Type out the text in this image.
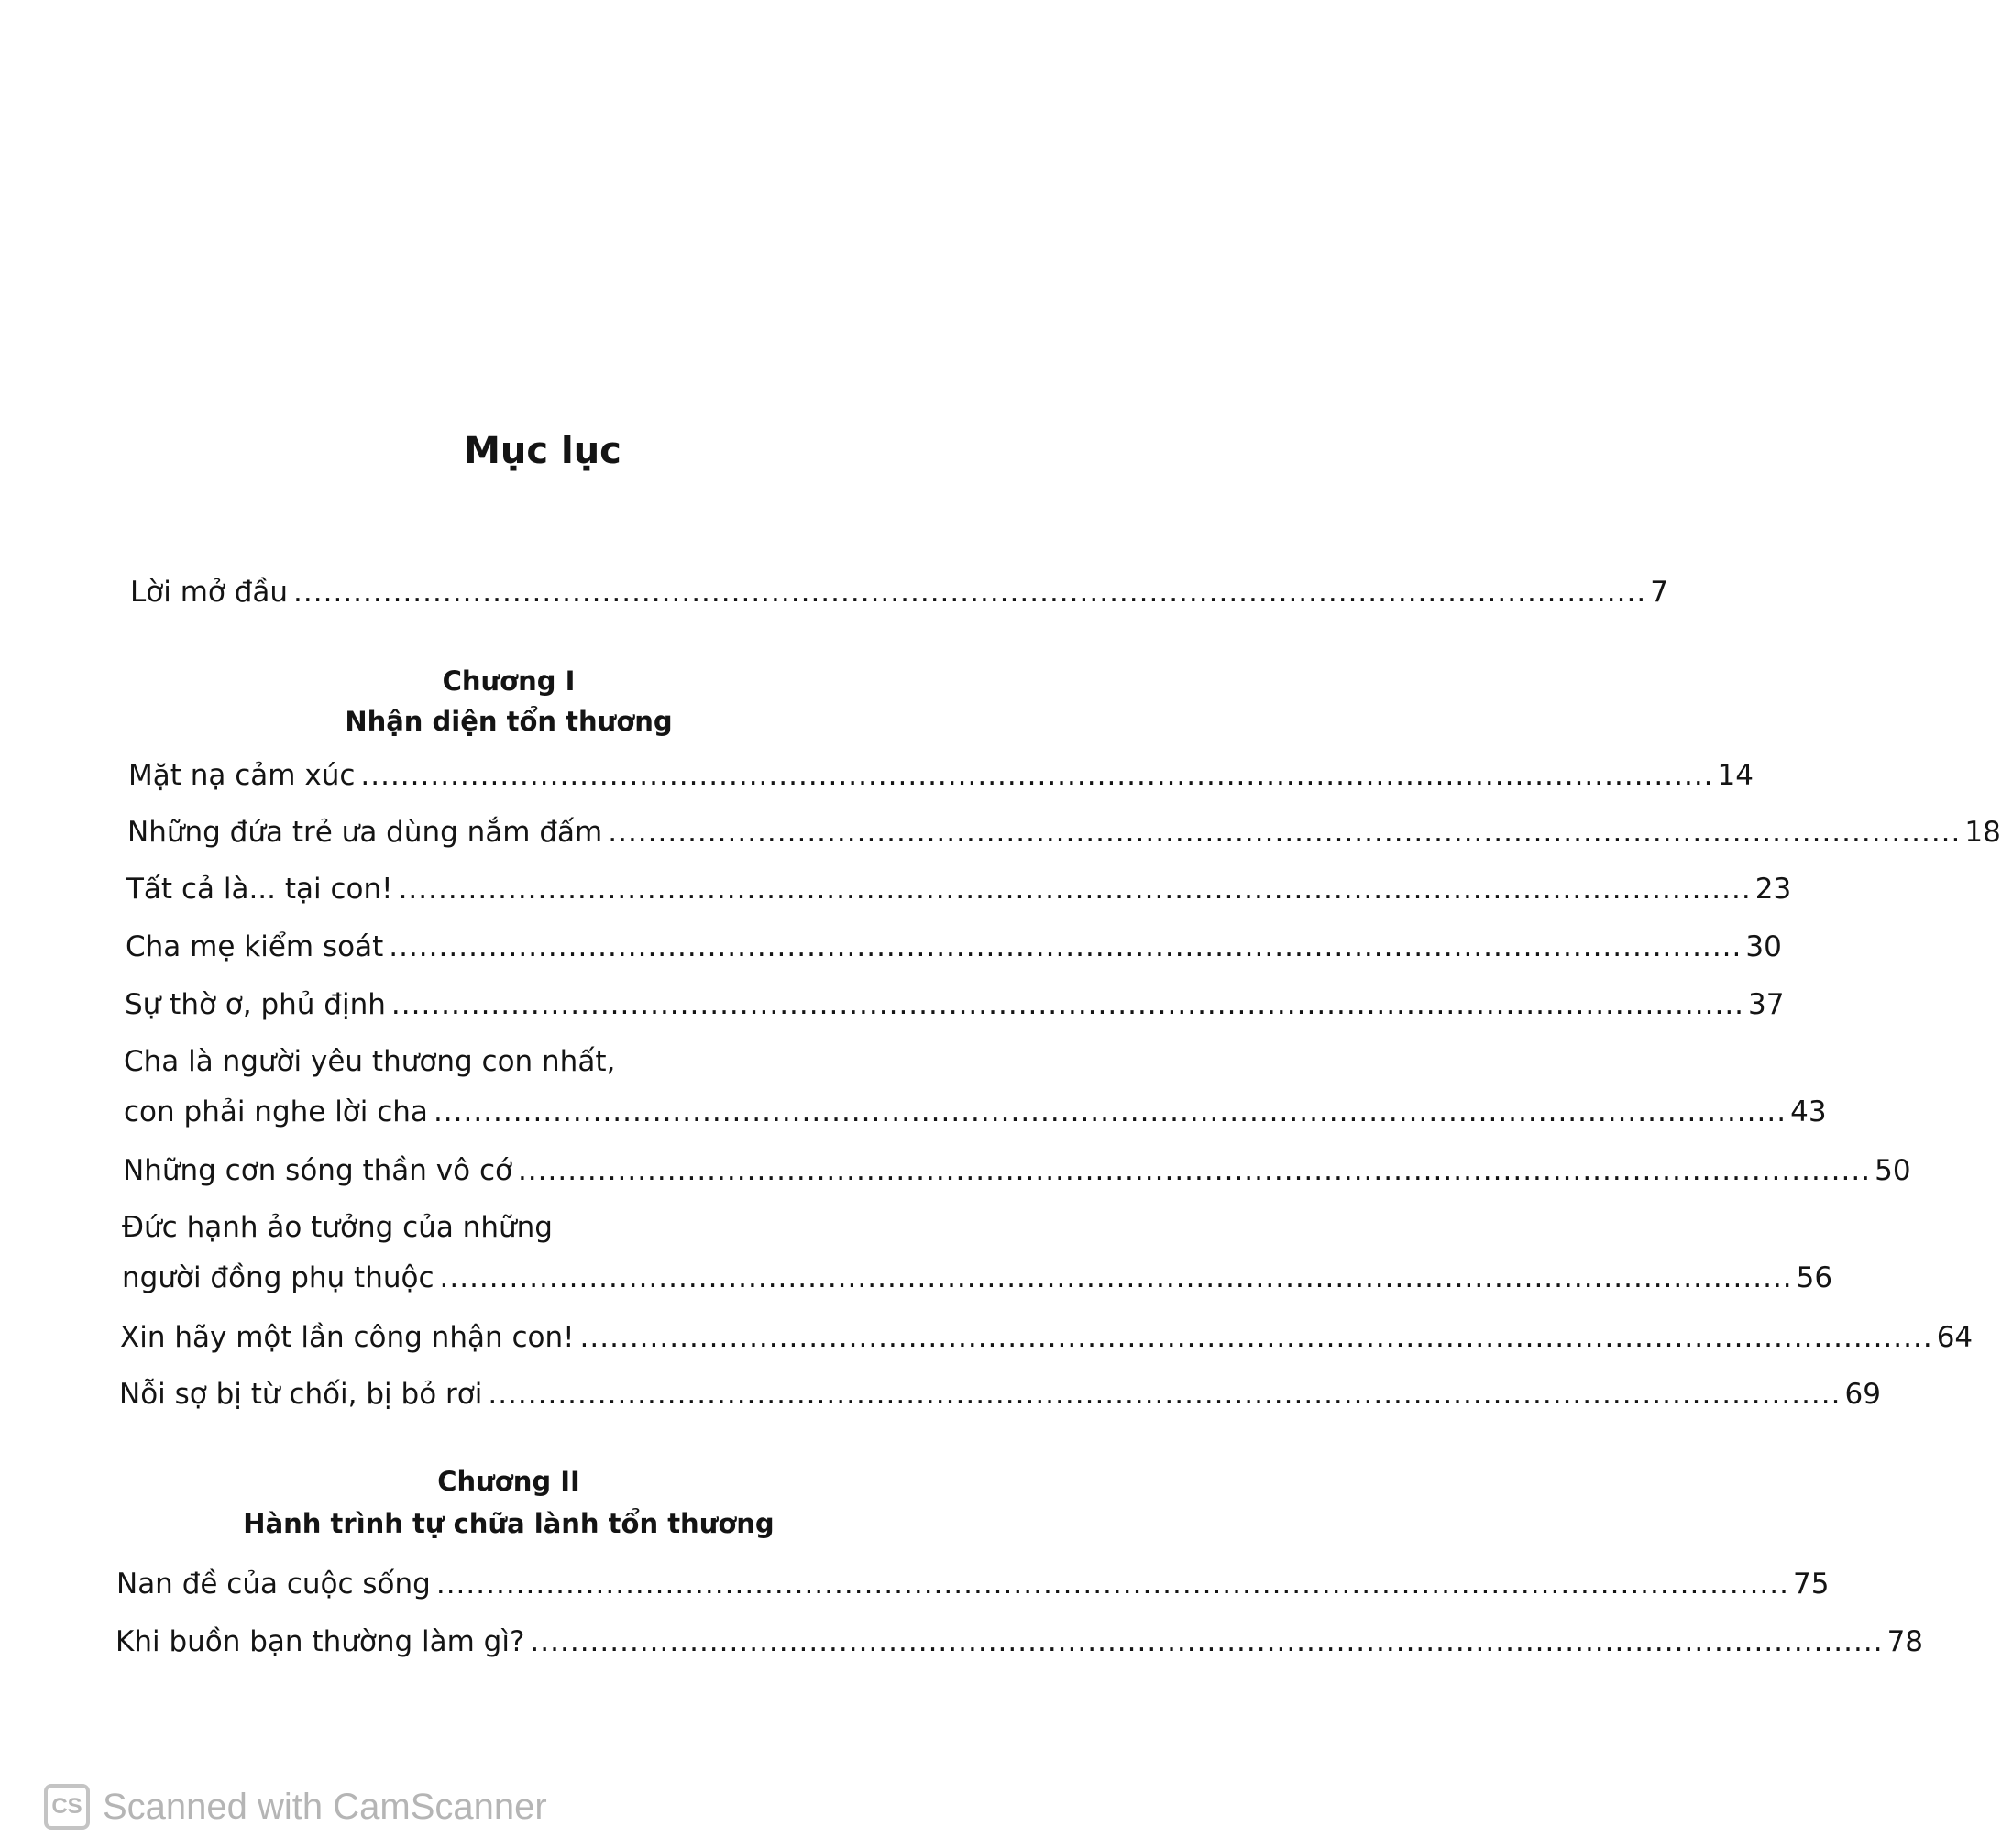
Mục lục
Lời mở đầu ........................................................................................................................................ 7
Chương I
Nhận diện tổn thương
Mặt nạ cảm xúc ........................................................................................................................................ 14
Những đứa trẻ ưa dùng nắm đấm ........................................................................................................................................ 18
Tất cả là... tại con! ........................................................................................................................................ 23
Cha mẹ kiểm soát ........................................................................................................................................ 30
Sự thờ ơ, phủ định ........................................................................................................................................ 37
Cha là người yêu thương con nhất,
con phải nghe lời cha ........................................................................................................................................ 43
Những cơn sóng thần vô cớ ........................................................................................................................................ 50
Đức hạnh ảo tưởng của những
người đồng phụ thuộc ........................................................................................................................................ 56
Xin hãy một lần công nhận con! ........................................................................................................................................ 64
Nỗi sợ bị từ chối, bị bỏ rơi ........................................................................................................................................ 69
Chương II
Hành trình tự chữa lành tổn thương
Nan đề của cuộc sống ........................................................................................................................................ 75
Khi buồn bạn thường làm gì? ........................................................................................................................................ 78
CS Scanned with CamScanner
